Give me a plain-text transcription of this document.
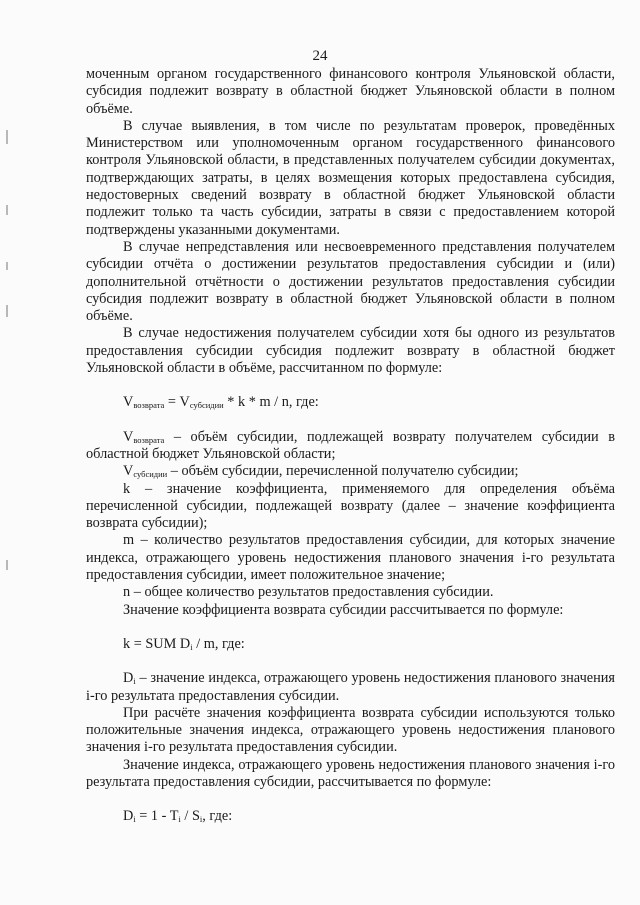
24

моченным органом государственного финансового контроля Ульяновской области, субсидия подлежит возврату в областной бюджет Ульяновской области в полном объёме.

В случае выявления, в том числе по результатам проверок, проведённых Министерством или уполномоченным органом государственного финансового контроля Ульяновской области, в представленных получателем субсидии документах, подтверждающих затраты, в целях возмещения которых предоставлена субсидия, недостоверных сведений возврату в областной бюджет Ульяновской области подлежит только та часть субсидии, затраты в связи с предоставлением которой подтверждены указанными документами.

В случае непредставления или несвоевременного представления получателем субсидии отчёта о достижении результатов предоставления субсидии и (или) дополнительной отчётности о достижении результатов предоставления субсидии субсидия подлежит возврату в областной бюджет Ульяновской области в полном объёме.

В случае недостижения получателем субсидии хотя бы одного из результатов предоставления субсидии субсидия подлежит возврату в областной бюджет Ульяновской области в объёме, рассчитанном по формуле:

$V_{возврата} = V_{субсидии} * k * m / n$, где:

$V_{возврата}$ – объём субсидии, подлежащей возврату получателем субсидии в областной бюджет Ульяновской области;

$V_{субсидии}$ – объём субсидии, перечисленной получателю субсидии;

k – значение коэффициента, применяемого для определения объёма перечисленной субсидии, подлежащей возврату (далее – значение коэффициента возврата субсидии);

m – количество результатов предоставления субсидии, для которых значение индекса, отражающего уровень недостижения планового значения i-го результата предоставления субсидии, имеет положительное значение;

n – общее количество результатов предоставления субсидии.

Значение коэффициента возврата субсидии рассчитывается по формуле:

k = SUM $D_i$ / m, где:

$D_i$ – значение индекса, отражающего уровень недостижения планового значения i-го результата предоставления субсидии.

При расчёте значения коэффициента возврата субсидии используются только положительные значения индекса, отражающего уровень недостижения планового значения i-го результата предоставления субсидии.

Значение индекса, отражающего уровень недостижения планового значения i-го результата предоставления субсидии, рассчитывается по формуле:

$D_i = 1 - T_i / S_i$, где:
